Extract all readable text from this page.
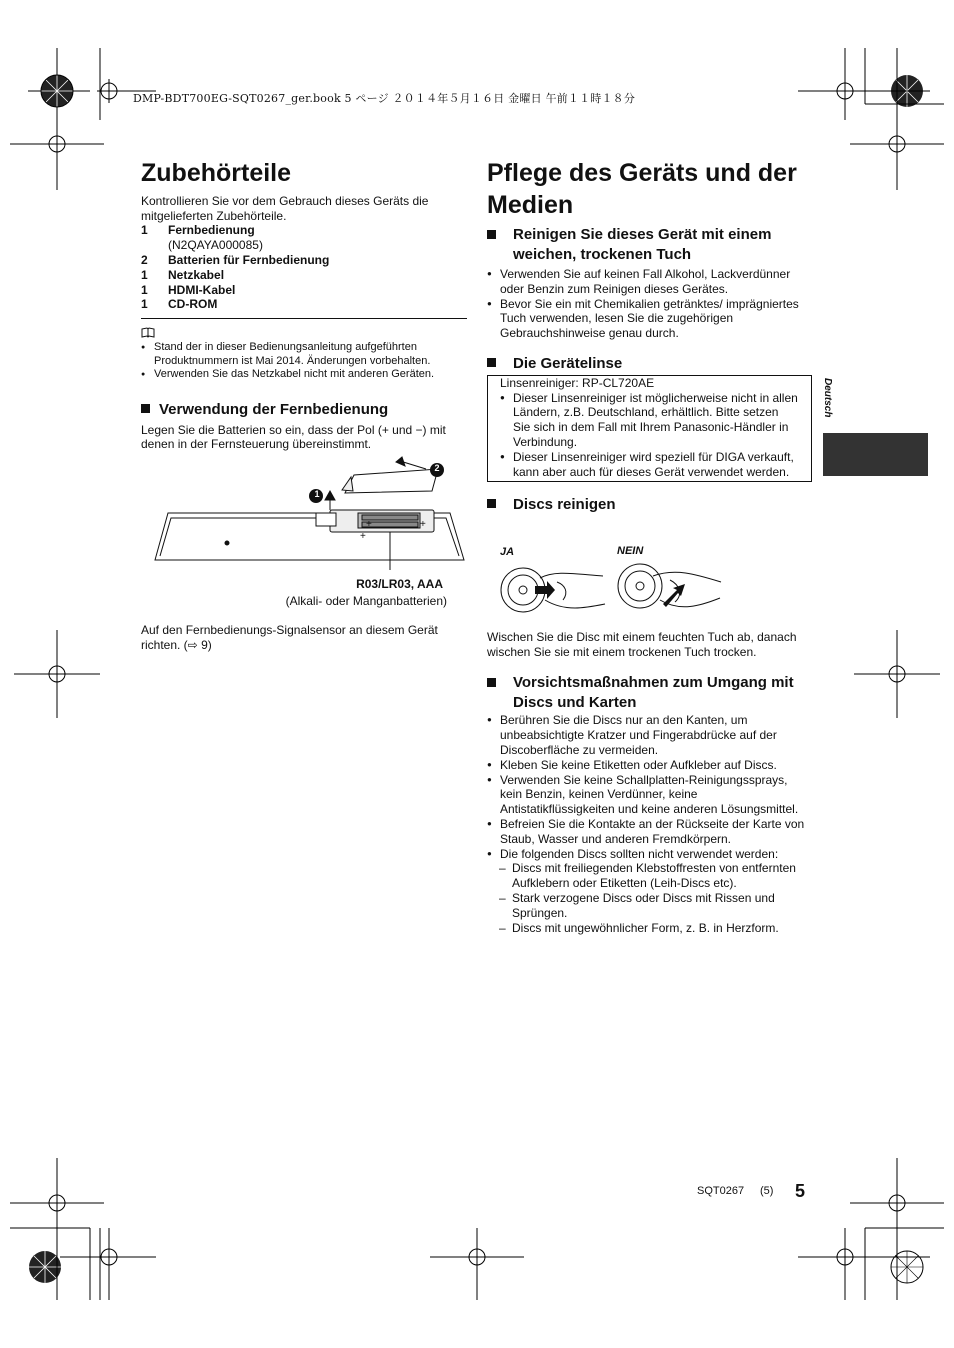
DMP-BDT700EG-SQT0267_ger.book 5 ページ ２０１４年５月１６日 金曜日 午前１１時１８分
Zubehörteile

Kontrollieren Sie vor dem Gebrauch dieses Geräts die mitgelieferten Zubehörteile.

1	Fernbedienung
(N2QAYA000085)
2	Batterien für Fernbedienung
1	Netzkabel
1	HDMI-Kabel
1	CD-ROM
● Stand der in dieser Bedienungsanleitung aufgeführten Produktnummern ist Mai 2014. Änderungen vorbehalten.
● Verwenden Sie das Netzkabel nicht mit anderen Geräten.
Verwendung der Fernbedienung

Legen Sie die Batterien so ein, dass der Pol (+ und −) mit denen in der Fernsteuerung übereinstimmt.

+	+
+
1
2
R03/LR03, AAA
(Alkali- oder Manganbatterien)

Auf den Fernbedienungs-Signalsensor an diesem Gerät richten. (⇨ 9)

Pflege des Geräts und der Medien
Reinigen Sie dieses Gerät mit einem weichen, trockenen Tuch
● Verwenden Sie auf keinen Fall Alkohol, Lackverdünner oder Benzin zum Reinigen dieses Gerätes.
● Bevor Sie ein mit Chemikalien getränktes/ imprägniertes Tuch verwenden, lesen Sie die zugehörigen Gebrauchshinweise genau durch.
Die Gerätelinse

Linsenreiniger: RP-CL720AE

● Dieser Linsenreiniger ist möglicherweise nicht in allen Ländern, z.B. Deutschland, erhältlich. Bitte setzen Sie sich in dem Fall mit Ihrem Panasonic-Händler in Verbindung.
● Dieser Linsenreiniger wird speziell für DIGA verkauft, kann aber auch für dieses Gerät verwendet werden.
Discs reinigen
JA	NEIN

Wischen Sie die Disc mit einem feuchten Tuch ab, danach wischen Sie sie mit einem trockenen Tuch trocken.

Vorsichtsmaßnahmen zum Umgang mit Discs und Karten
● Berühren Sie die Discs nur an den Kanten, um unbeabsichtigte Kratzer und Fingerabdrücke auf der Discoberfläche zu vermeiden.
● Kleben Sie keine Etiketten oder Aufkleber auf Discs.
● Verwenden Sie keine Schallplatten-Reinigungssprays, kein Benzin, keinen Verdünner, keine Antistatikflüssigkeiten und keine anderen Lösungsmittel.
● Befreien Sie die Kontakte an der Rückseite der Karte von Staub, Wasser und anderen Fremdkörpern.
● Die folgenden Discs sollten nicht verwendet werden:
– Discs mit freiliegenden Klebstoffresten von entfernten Aufklebern oder Etiketten (Leih-Discs etc).
– Stark verzogene Discs oder Discs mit Rissen und Sprüngen.
– Discs mit ungewöhnlicher Form, z. B. in Herzform.
Deutsch
SQT0267 (5) 5
